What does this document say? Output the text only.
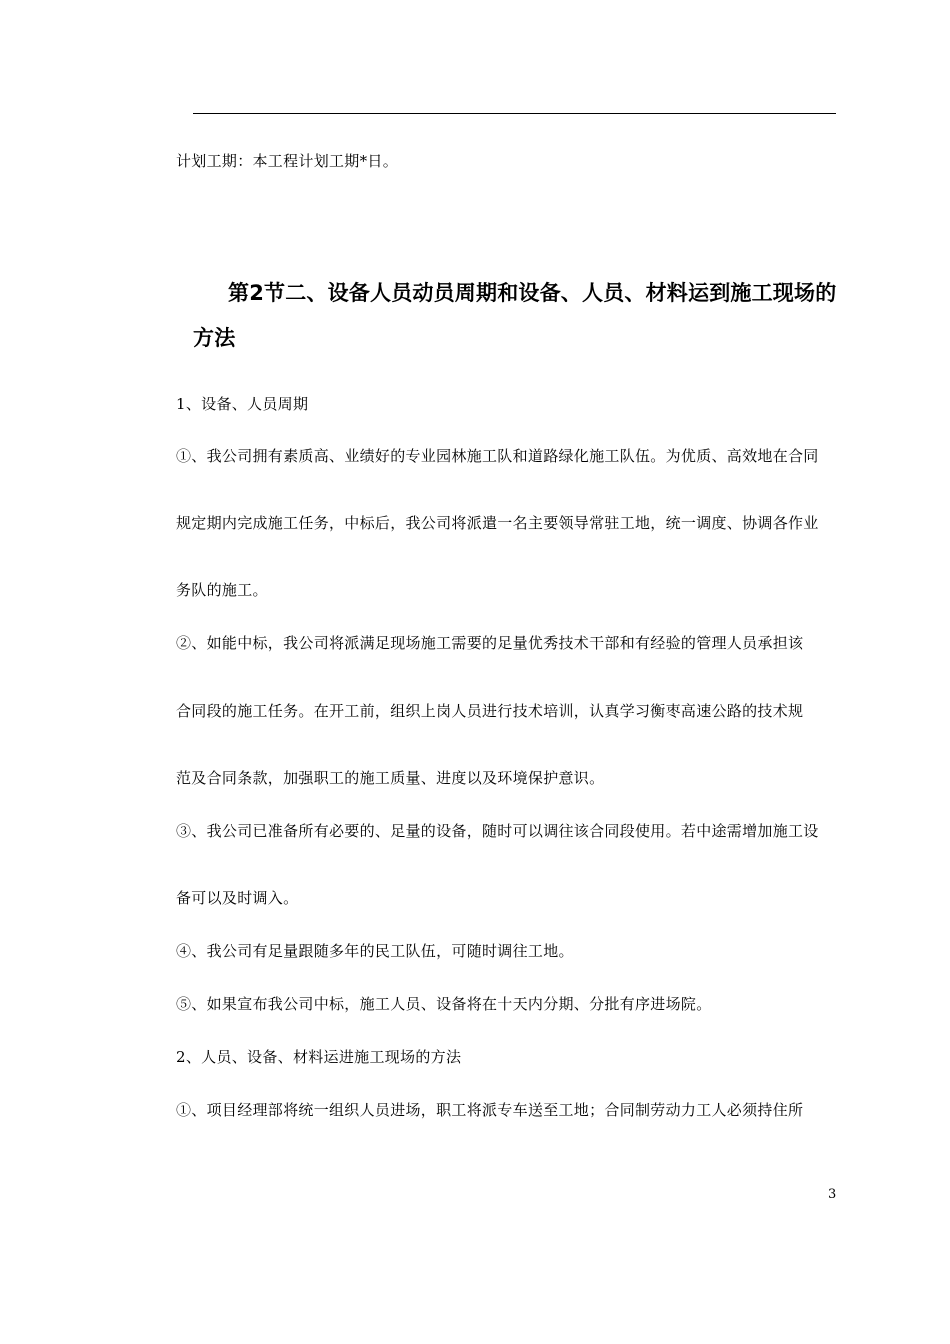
计划工期：本工程计划工期*日。
第2节二、设备人员动员周期和设备、人员、材料运到施工现场的
方法
1、设备、人员周期
①、我公司拥有素质高、业绩好的专业园林施工队和道路绿化施工队伍。为优质、高效地在合同
规定期内完成施工任务，中标后，我公司将派遣一名主要领导常驻工地，统一调度、协调各作业
务队的施工。
②、如能中标，我公司将派满足现场施工需要的足量优秀技术干部和有经验的管理人员承担该
合同段的施工任务。在开工前，组织上岗人员进行技术培训，认真学习衡枣高速公路的技术规
范及合同条款，加强职工的施工质量、进度以及环境保护意识。
③、我公司已准备所有必要的、足量的设备，随时可以调往该合同段使用。若中途需增加施工设
备可以及时调入。
④、我公司有足量跟随多年的民工队伍，可随时调往工地。
⑤、如果宣布我公司中标，施工人员、设备将在十天内分期、分批有序进场院。
2、人员、设备、材料运进施工现场的方法
①、项目经理部将统一组织人员进场，职工将派专车送至工地；合同制劳动力工人必须持住所
3
